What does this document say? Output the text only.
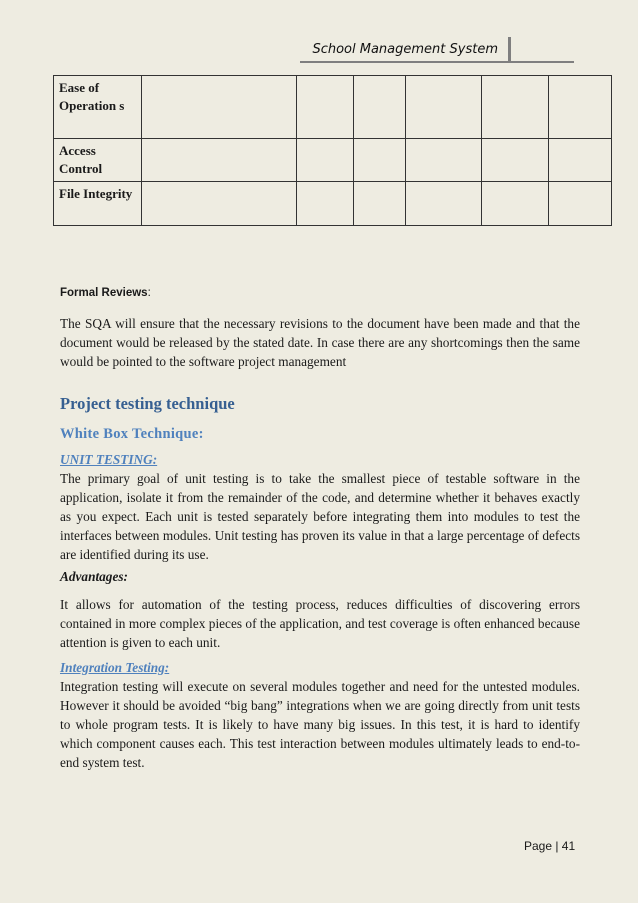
School Management System
Ease of Operation s						
Access Control						
File Integrity						
Formal Reviews:

The SQA will ensure that the necessary revisions to the document have been made and that the document would be released by the stated date. In case there are any shortcomings then the same would be pointed to the software project management

Project testing technique
White Box Technique:
UNIT TESTING:

The primary goal of unit testing is to take the smallest piece of testable software in the application, isolate it from the remainder of the code, and determine whether it behaves exactly as you expect. Each unit is tested separately before integrating them into modules to test the interfaces between modules. Unit testing has proven its value in that a large percentage of defects are identified during its use.

Advantages:

It allows for automation of the testing process, reduces difficulties of discovering errors contained in more complex pieces of the application, and test coverage is often enhanced because attention is given to each unit.

Integration Testing:

Integration testing will execute on several modules together and need for the untested modules. However it should be avoided “big bang” integrations when we are going directly from unit tests to whole program tests. It is likely to have many big issues. In this test, it is hard to identify which component causes each. This test interaction between modules ultimately leads to end-to-end system test.

Page | 41
